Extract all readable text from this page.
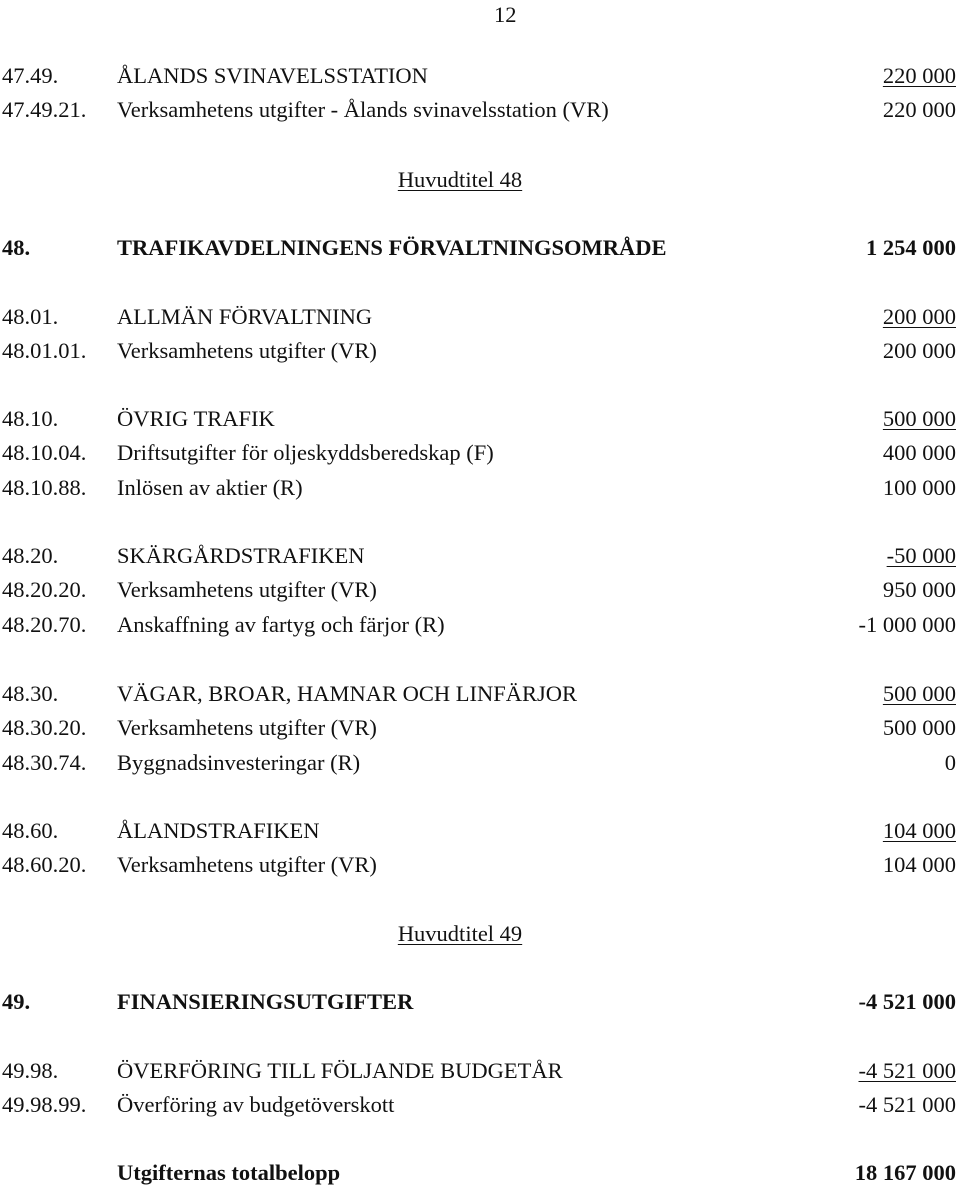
12
47.49.	ÅLANDS SVINAVELSSTATION	220 000
47.49.21. Verksamhetens utgifter - Ålands svinavelsstation (VR)	220 000
Huvudtitel 48
48.	TRAFIKAVDELNINGENS FÖRVALTNINGSOMRÅDE	1 254 000
48.01.	ALLMÄN FÖRVALTNING	200 000
48.01.01. Verksamhetens utgifter (VR)	200 000
48.10.	ÖVRIG TRAFIK	500 000
48.10.04. Driftsutgifter för oljeskyddsberedskap (F)	400 000
48.10.88. Inlösen av aktier (R)	100 000
48.20.	SKÄRGÅRDSTRAFIKEN	-50 000
48.20.20. Verksamhetens utgifter (VR)	950 000
48.20.70. Anskaffning av fartyg och färjor (R)	-1 000 000
48.30.	VÄGAR, BROAR, HAMNAR OCH LINFÄRJOR	500 000
48.30.20. Verksamhetens utgifter (VR)	500 000
48.30.74. Byggnadsinvesteringar (R)	0
48.60.	ÅLANDSTRAFIKEN	104 000
48.60.20. Verksamhetens utgifter (VR)	104 000
Huvudtitel 49
49.	FINANSIERINGSUTGIFTER	-4 521 000
49.98.	ÖVERFÖRING TILL FÖLJANDE BUDGETÅR	-4 521 000
49.98.99. Överföring av budgetöverskott	-4 521 000
Utgifternas totalbelopp	18 167 000
